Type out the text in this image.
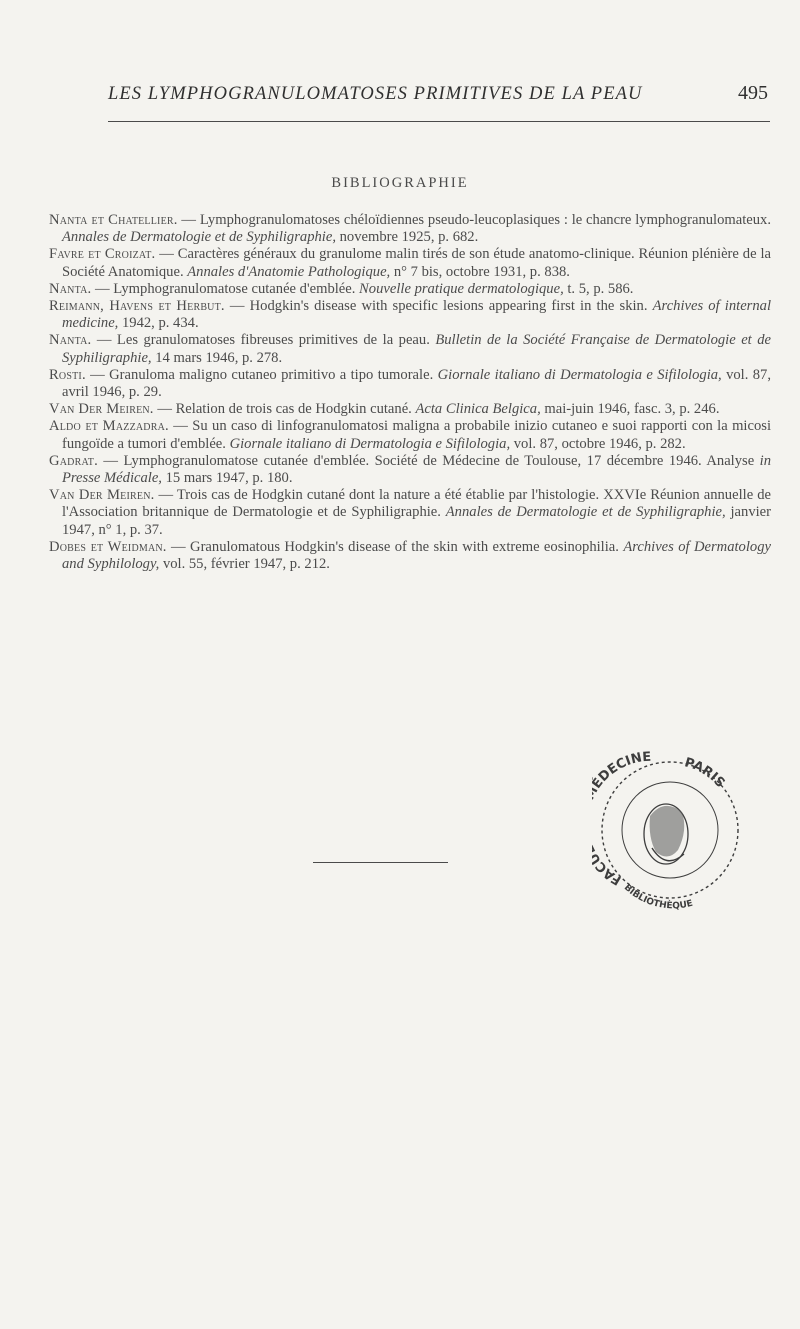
LES LYMPHOGRANULOMATOSES PRIMITIVES DE LA PEAU	495
BIBLIOGRAPHIE

Nanta et Chatellier. — Lymphogranulomatoses chéloïdiennes pseudo-leucoplasiques : le chancre lymphogranulomateux. Annales de Dermatologie et de Syphiligraphie, novembre 1925, p. 682.

Favre et Croizat. — Caractères généraux du granulome malin tirés de son étude anatomo-clinique. Réunion plénière de la Société Anatomique. Annales d'Anatomie Pathologique, n° 7 bis, octobre 1931, p. 838.

Nanta. — Lymphogranulomatose cutanée d'emblée. Nouvelle pratique dermatologique, t. 5, p. 586.

Reimann, Havens et Herbut. — Hodgkin's disease with specific lesions appearing first in the skin. Archives of internal medicine, 1942, p. 434.

Nanta. — Les granulomatoses fibreuses primitives de la peau. Bulletin de la Société Française de Dermatologie et de Syphiligraphie, 14 mars 1946, p. 278.

Rosti. — Granuloma maligno cutaneo primitivo a tipo tumorale. Giornale italiano di Dermatologia e Sifilologia, vol. 87, avril 1946, p. 29.

Van Der Meiren. — Relation de trois cas de Hodgkin cutané. Acta Clinica Belgica, mai-juin 1946, fasc. 3, p. 246.

Aldo et Mazzadra. — Su un caso di linfogranulomatosi maligna a probabile inizio cutaneo e suoi rapporti con la micosi fungoïde a tumori d'emblée. Giornale italiano di Dermatologia e Sifilologia, vol. 87, octobre 1946, p. 282.

Gadrat. — Lymphogranulomatose cutanée d'emblée. Société de Médecine de Toulouse, 17 décembre 1946. Analyse in Presse Médicale, 15 mars 1947, p. 180.

Van Der Meiren. — Trois cas de Hodgkin cutané dont la nature a été établie par l'histologie. XXVIe Réunion annuelle de l'Association britannique de Dermatologie et de Syphiligraphie. Annales de Dermatologie et de Syphiligraphie, janvier 1947, n° 1, p. 37.

Dobes et Weidman. — Granulomatous Hodgkin's disease of the skin with extreme eosinophilia. Archives of Dermatology and Syphilology, vol. 55, février 1947, p. 212.

FAC DECINE PARIS
BIBLIOTHÈQUE
